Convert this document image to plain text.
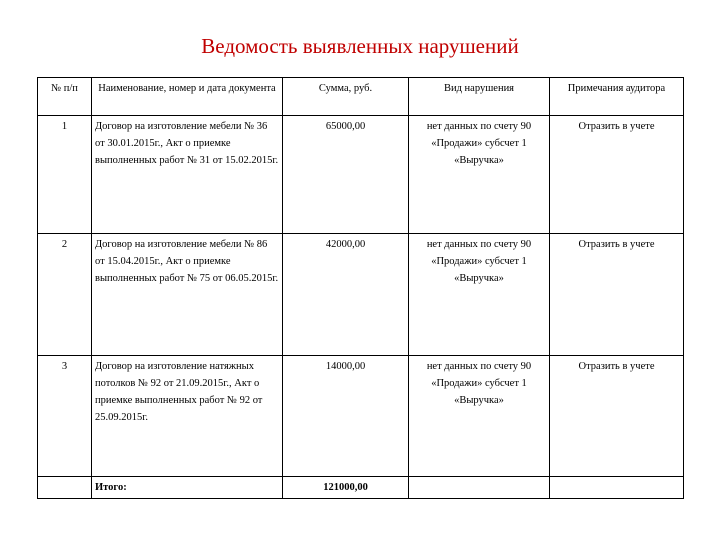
Ведомость выявленных нарушений
№ п/п	Наименование, номер и дата документа	Сумма, руб.	Вид нарушения	Примечания аудитора
1	Договор на изготовление мебели № 36 от 30.01.2015г., Акт о приемке выполненных работ № 31 от 15.02.2015г.	65000,00	нет данных по счету 90 «Продажи» субсчет 1 «Выручка»	Отразить в учете
2	Договор на изготовление мебели № 86 от 15.04.2015г., Акт о приемке выполненных работ № 75 от 06.05.2015г.	42000,00	нет данных по счету 90 «Продажи» субсчет 1 «Выручка»	Отразить в учете
3	Договор на изготовление натяжных потолков № 92 от 21.09.2015г., Акт о приемке выполненных работ № 92 от 25.09.2015г.	14000,00	нет данных по счету 90 «Продажи» субсчет 1 «Выручка»	Отразить в учете
	Итого:	121000,00		
